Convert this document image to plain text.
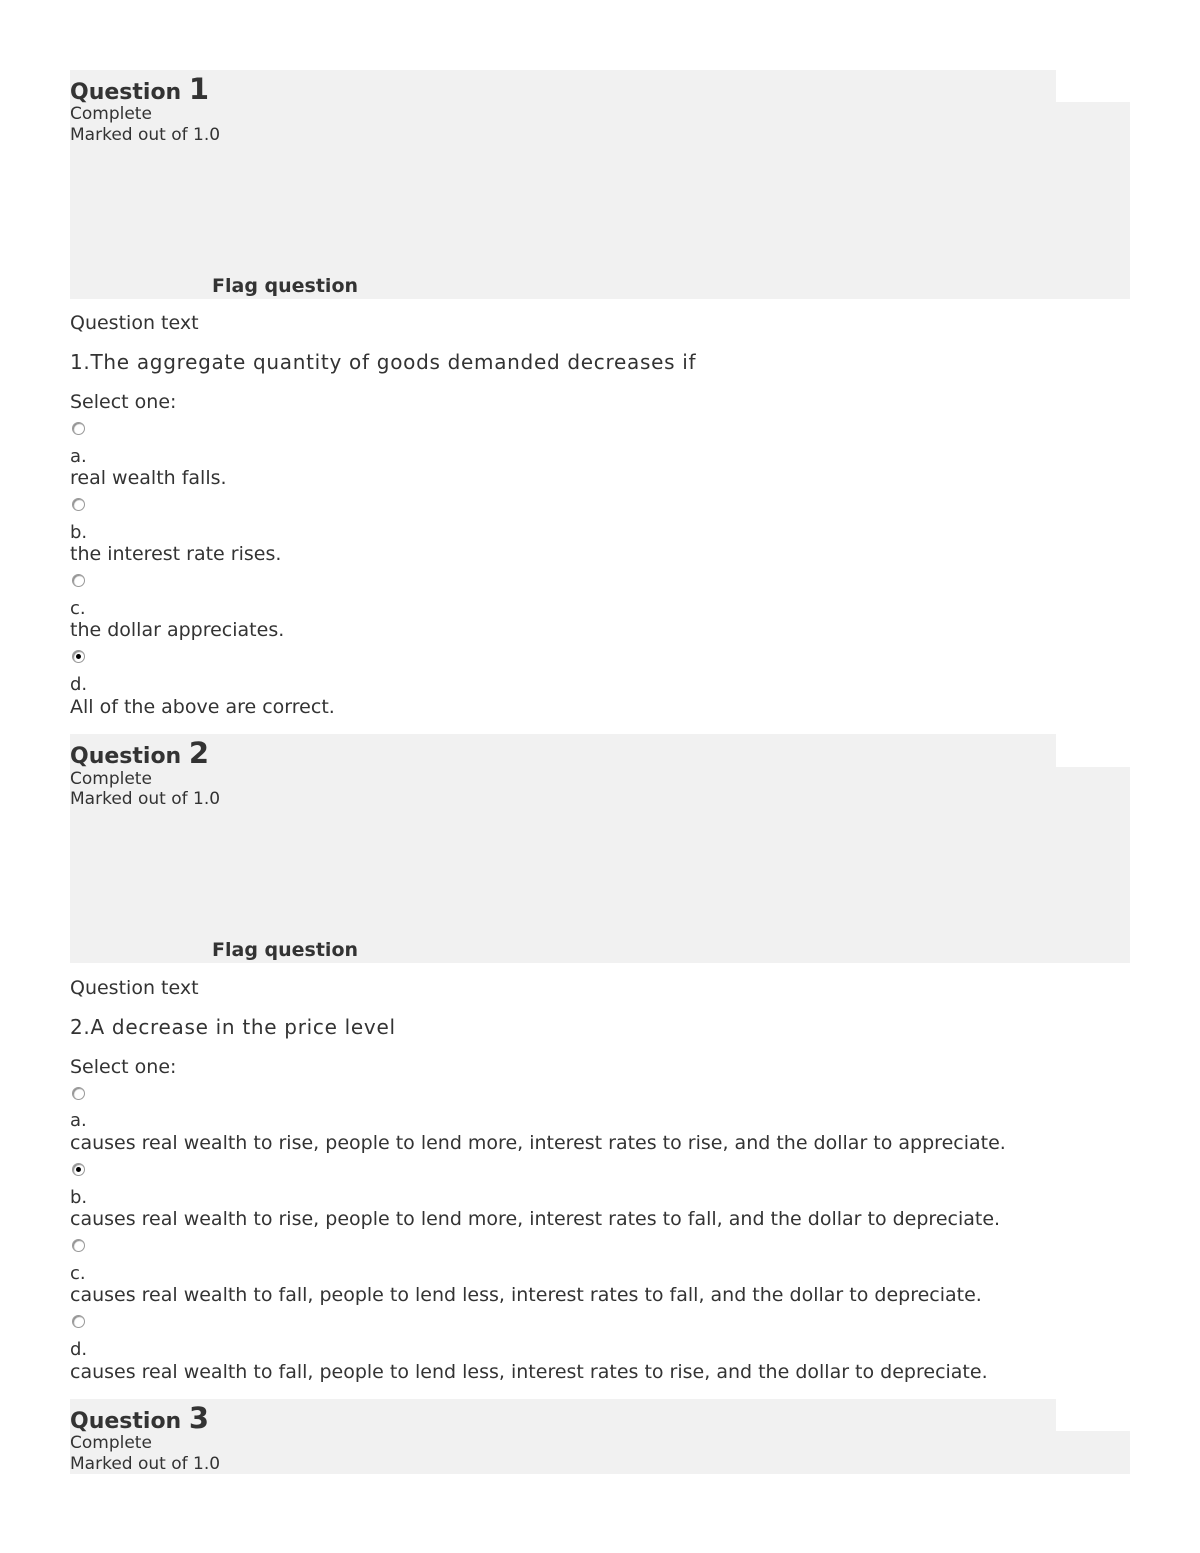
Question 1
Complete
Marked out of 1.0
Flag question
Question text
1.The aggregate quantity of goods demanded decreases if
Select one:
a.
real wealth falls.
b.
the interest rate rises.
c.
the dollar appreciates.
d.
All of the above are correct.
Question 2
Complete
Marked out of 1.0
Flag question
Question text
2.A decrease in the price level
Select one:
a.
causes real wealth to rise, people to lend more, interest rates to rise, and the dollar to appreciate.
b.
causes real wealth to rise, people to lend more, interest rates to fall, and the dollar to depreciate.
c.
causes real wealth to fall, people to lend less, interest rates to fall, and the dollar to depreciate.
d.
causes real wealth to fall, people to lend less, interest rates to rise, and the dollar to depreciate.
Question 3
Complete
Marked out of 1.0
